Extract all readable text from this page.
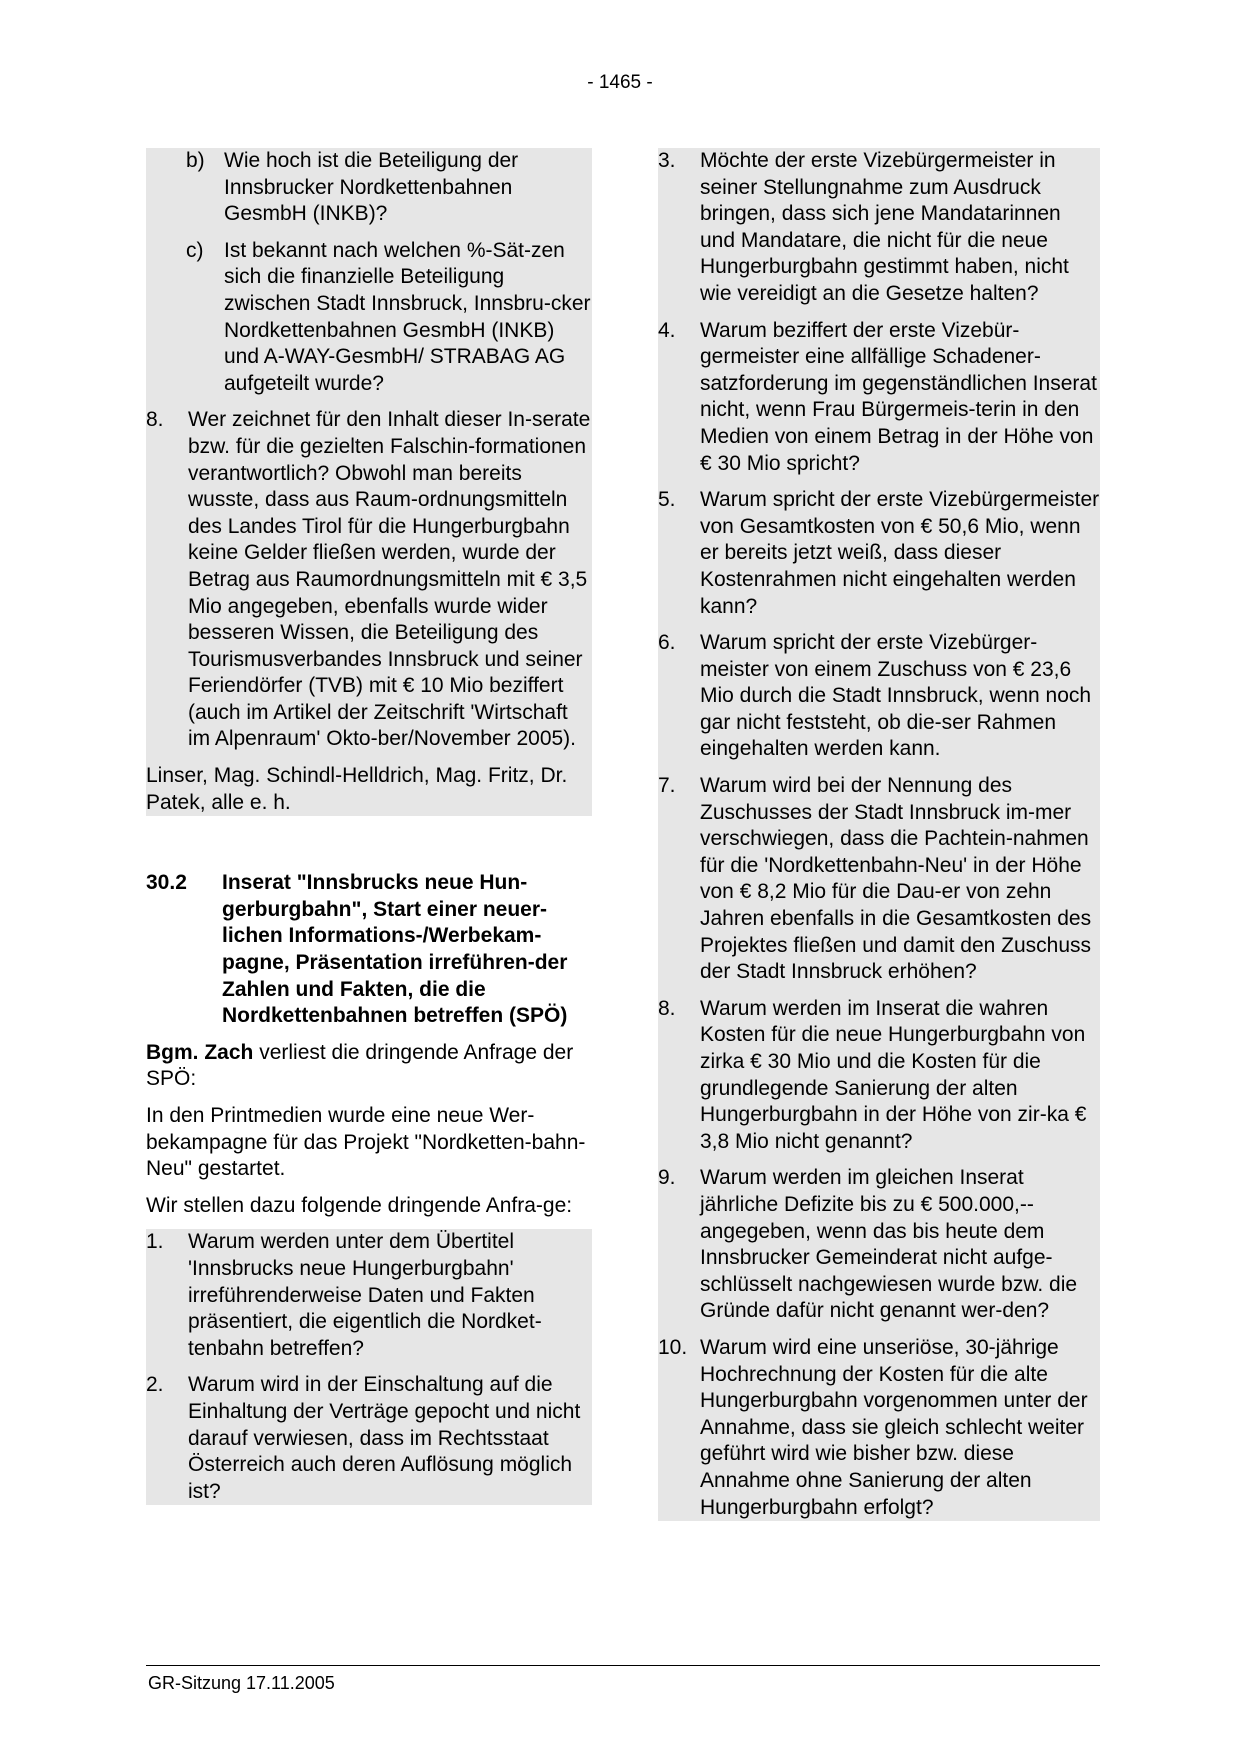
- 1465 -
b) Wie hoch ist die Beteiligung der Innsbrucker Nordkettenbahnen GesmbH (INKB)?
c) Ist bekannt nach welchen %-Sät-zen sich die finanzielle Beteiligung zwischen Stadt Innsbruck, Innsbru-cker Nordkettenbahnen GesmbH (INKB) und A-WAY-GesmbH/ STRABAG AG aufgeteilt wurde?
8.	Wer zeichnet für den Inhalt dieser In-serate bzw. für die gezielten Falschin-formationen verantwortlich? Obwohl man bereits wusste, dass aus Raum-ordnungsmitteln des Landes Tirol für die Hungerburgbahn keine Gelder fließen werden, wurde der Betrag aus Raumordnungsmitteln mit € 3,5 Mio angegeben, ebenfalls wurde wider besseren Wissen, die Beteiligung des Tourismusverbandes Innsbruck und seiner Feriendörfer (TVB) mit € 10 Mio beziffert (auch im Artikel der Zeitschrift 'Wirtschaft im Alpenraum' Okto-ber/November 2005).
Linser, Mag. Schindl-Helldrich, Mag. Fritz, Dr. Patek, alle e. h.
30.2	Inserat "Innsbrucks neue Hun-gerburgbahn", Start einer neuer-lichen Informations-/Werbekam-pagne, Präsentation irreführen-der Zahlen und Fakten, die die Nordkettenbahnen betreffen (SPÖ)
Bgm. Zach verliest die dringende Anfrage der SPÖ:
In den Printmedien wurde eine neue Wer-bekampagne für das Projekt "Nordketten-bahn-Neu" gestartet.
Wir stellen dazu folgende dringende Anfra-ge:
1.	Warum werden unter dem Übertitel 'Innsbrucks neue Hungerburgbahn' irreführenderweise Daten und Fakten präsentiert, die eigentlich die Nordket-tenbahn betreffen?
2.	Warum wird in der Einschaltung auf die Einhaltung der Verträge gepocht und nicht darauf verwiesen, dass im Rechtsstaat Österreich auch deren Auflösung möglich ist?
3.	Möchte der erste Vizebürgermeister in seiner Stellungnahme zum Ausdruck bringen, dass sich jene Mandatarinnen und Mandatare, die nicht für die neue Hungerburgbahn gestimmt haben, nicht wie vereidigt an die Gesetze halten?
4.	Warum beziffert der erste Vizebür-germeister eine allfällige Schadener-satzforderung im gegenständlichen Inserat nicht, wenn Frau Bürgermeis-terin in den Medien von einem Betrag in der Höhe von € 30 Mio spricht?
5.	Warum spricht der erste Vizebürgermeister von Gesamtkosten von € 50,6 Mio, wenn er bereits jetzt weiß, dass dieser Kostenrahmen nicht eingehalten werden kann?
6.	Warum spricht der erste Vizebürger-meister von einem Zuschuss von € 23,6 Mio durch die Stadt Innsbruck, wenn noch gar nicht feststeht, ob die-ser Rahmen eingehalten werden kann.
7.	Warum wird bei der Nennung des Zuschusses der Stadt Innsbruck im-mer verschwiegen, dass die Pachtein-nahmen für die 'Nordkettenbahn-Neu' in der Höhe von € 8,2 Mio für die Dau-er von zehn Jahren ebenfalls in die Gesamtkosten des Projektes fließen und damit den Zuschuss der Stadt Innsbruck erhöhen?
8.	Warum werden im Inserat die wahren Kosten für die neue Hungerburgbahn von zirka € 30 Mio und die Kosten für die grundlegende Sanierung der alten Hungerburgbahn in der Höhe von zir-ka € 3,8 Mio nicht genannt?
9.	Warum werden im gleichen Inserat jährliche Defizite bis zu € 500.000,-- angegeben, wenn das bis heute dem Innsbrucker Gemeinderat nicht aufge-schlüsselt nachgewiesen wurde bzw. die Gründe dafür nicht genannt wer-den?
10. Warum wird eine unseriöse, 30-jährige Hochrechnung der Kosten für die alte Hungerburgbahn vorgenommen unter der Annahme, dass sie gleich schlecht weiter geführt wird wie bisher bzw. diese Annahme ohne Sanierung der alten Hungerburgbahn erfolgt?
GR-Sitzung 17.11.2005
